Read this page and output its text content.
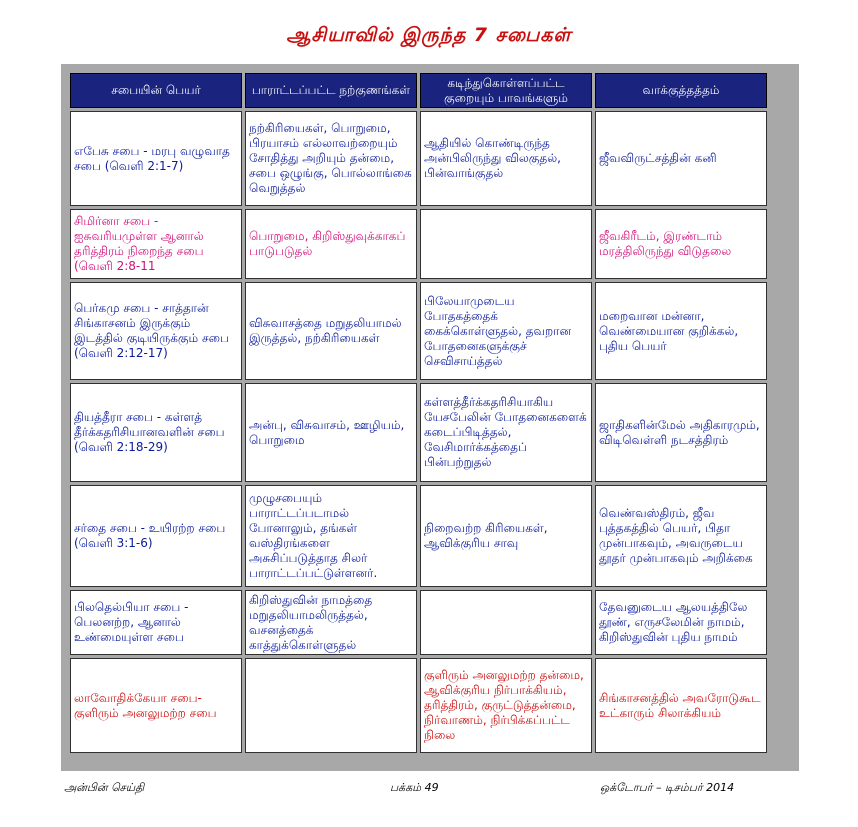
ஆசியாவில் இருந்த 7 சபைகள்
சபையின் பெயர்	பாராட்டப்பட்ட நற்குணங்கள்	கடிந்துகொள்ளப்பட்ட குறையும் பாவங்களும்	வாக்குத்தத்தம்
எபேசு சபை - மரபு வழுவாத சபை (வெளி 2:1-7)	நற்கிரியைகள், பொறுமை, பிரயாசம் எல்லாவற்றையும் சோதித்து அறியும் தன்மை, சபை ஒழுங்கு, பொல்லாங்கை வெறுத்தல்	ஆதியில் கொண்டிருந்த அன்பிலிருந்து விலகுதல், பின்வாங்குதல்	ஜீவவிருட்சத்தின் கனி
சிமிர்னா சபை - ஐசுவரியமுள்ள ஆனால் தரித்திரம் நிறைந்த சபை (வெளி 2:8-11	பொறுமை, கிறிஸ்துவுக்காகப் பாடுபடுதல்		ஜீவகிரீடம், இரண்டாம் மரத்திலிருந்து விடுதலை
பெர்கமு சபை - சாத்தான் சிங்காசனம் இருக்கும் இடத்தில் குடியிருக்கும் சபை (வெளி 2:12-17)	விசுவாசத்தை மறுதலியாமல் இருத்தல், நற்கிரியைகள்	பிலேயாமுடைய போதகத்தைக் கைக்கொள்ளுதல், தவறான போதனைகளுக்குச் செவிசாய்த்தல்	மறைவான மன்னா, வெண்மையான குறிக்கல், புதிய பெயர்
தியத்தீரா சபை - கள்ளத் தீர்க்கதரிசியானவளின் சபை (வெளி 2:18-29)	அன்பு, விசுவாசம், ஊழியம், பொறுமை	கள்ளத்தீர்க்கதரிசியாகிய யேசபேலின் போதனைகளைக் கடைப்பிடித்தல், வேசிமார்க்கத்தைப் பின்பற்றுதல்	ஜாதிகளின்மேல் அதிகாரமும், விடிவெள்ளி நடசத்திரம்
சர்தை சபை - உயிரற்ற சபை (வெளி 3:1-6)	முழுசபையும் பாராட்டப்படாமல் போனாலும், தங்கள் வஸ்திரங்களை அசுசிப்படுத்தாத சிலர் பாராட்டப்பட்டுள்ளனர்.	நிறைவற்ற கிரியைகள், ஆவிக்குரிய சாவு	வெண்வஸ்திரம், ஜீவ புத்தகத்தில் பெயர், பிதா முன்பாகவும், அவருடைய தூதர் முன்பாகவும் அறிக்கை
பிலதெல்பியா சபை - பெலனற்ற, ஆனால் உண்மையுள்ள சபை	கிறிஸ்துவின் நாமத்தை மறுதலியாமலிருத்தல், வசனத்தைக் காத்துக்கொள்ளுதல்		தேவனுடைய ஆலயத்திலே தூண், எருசலேமின் நாமம், கிறிஸ்துவின் புதிய நாமம்
லாவோதிக்கேயா சபை- குளிரும் அனலுமற்ற சபை		குளிரும் அனலுமற்ற தன்மை, ஆவிக்குரிய நிர்பாக்கியம், தரித்திரம், குருட்டுத்தன்மை, நிர்வாணம், நிர்பிக்கப்பட்ட நிலை	சிங்காசனத்தில் அவரோடுகூட உட்காரும் சிலாக்கியம்
அன்பின் செய்தி	பக்கம் 49	ஒக்டோபர் – டிசம்பர் 2014
